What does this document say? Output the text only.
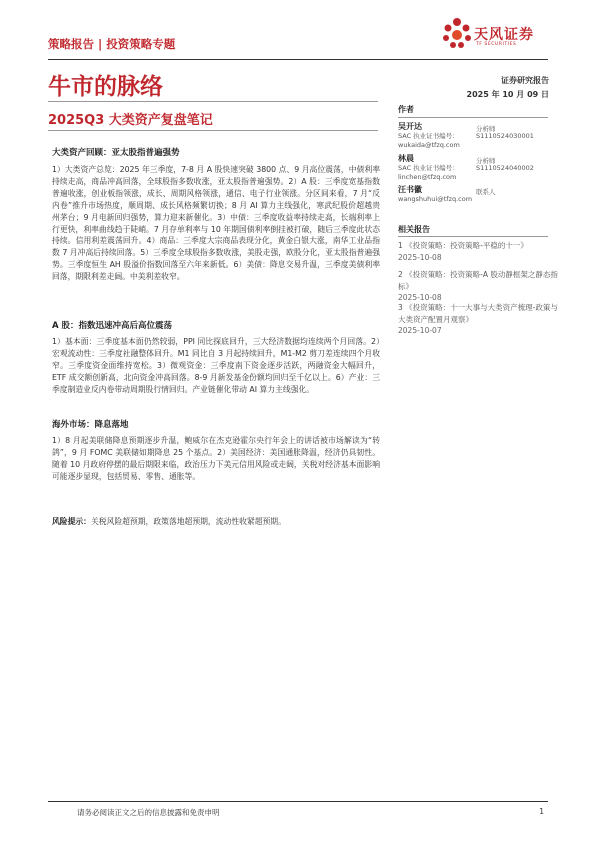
策略报告 | 投资策略专题
天风证券
TF SECURITIES
牛市的脉络	证券研究报告
2025 年 10 月 09 日
2025Q3 大类资产复盘笔记
大类资产回顾：亚太股指普遍强势
1）大类资产总览：2025 年三季度，7-8 月 A 股快速突破 3800 点、9 月高位震荡，中债利率持续走高，商品冲高回落，全球股指多数收涨，亚太股指普遍强势。2）A 股：三季度宽基指数普遍收涨，创业板指领涨，成长、周期风格领涨，通信、电子行业领涨。分区间来看，7 月“反内卷”推升市场热度，顺周期、成长风格频繁切换；8 月 AI 算力主线强化，寒武纪股价超越贵州茅台；9 月电新回归强势，算力迎来新催化。3）中债：三季度收益率持续走高，长端利率上行更快，利率曲线趋于陡峭。7 月存单利率与 10 年期国债利率倒挂被打破，随后三季度此状态持续。信用利差震荡回升。4）商品：三季度大宗商品表现分化，黄金白银大涨，南华工业品指数 7 月冲高后持续回落。5）三季度全球股指多数收涨，美股走强，欧股分化，亚太股指普遍强势。三季度恒生 AH 股溢价指数回落至六年来新低。6）美债：降息交易升温，三季度美债利率回落，期限利差走阔。中美利差收窄。
A 股：指数迅速冲高后高位震荡
1）基本面：三季度基本面仍然较弱，PPI 同比探底回升，三大经济数据均连续两个月回落。2）宏观流动性：三季度社融整体回升。M1 同比自 3 月起持续回升，M1-M2 剪刀差连续四个月收窄。三季度资金面维持宽松。3）微观资金：三季度南下资金逐步活跃，两融资金大幅回升，ETF 成交额创新高，北向资金冲高回落。8-9 月新发基金份额均回归至千亿以上。6）产业：三季度制造业反内卷带动周期股行情回归。产业链催化带动 AI 算力主线强化。
海外市场：降息落地
1）8 月起美联储降息预期逐步升温，鲍威尔在杰克逊霍尔央行年会上的讲话被市场解读为“转鸽”，9 月 FOMC 美联储如期降息 25 个基点。2）美国经济：美国通胀降温，经济仍具韧性。随着 10 月政府停摆的最后期限来临，政治压力下美元信用风险或走阔，关税对经济基本面影响可能逐步显现，包括贸易、零售、通胀等。
风险提示：关税风险超预期，政策落地超预期，流动性收紧超预期。
作者
吴开达	分析师
SAC 执业证书编号：	S1110524030001
wukaida@tfzq.com
林晨	分析师
SAC 执业证书编号：	S1110524040002
linchen@tfzq.com
汪书徽	联系人
wangshuhui@tfzq.com
相关报告
1 《投资策略：投资策略-平稳的十一》
2025-10-08
2 《投资策略：投资策略-A 股动静框架之静态指标》
2025-10-08
3 《投资策略：十一大事与大类资产梳理-政策与大类资产配置月观察》
2025-10-07
请务必阅读正文之后的信息披露和免责申明	1
